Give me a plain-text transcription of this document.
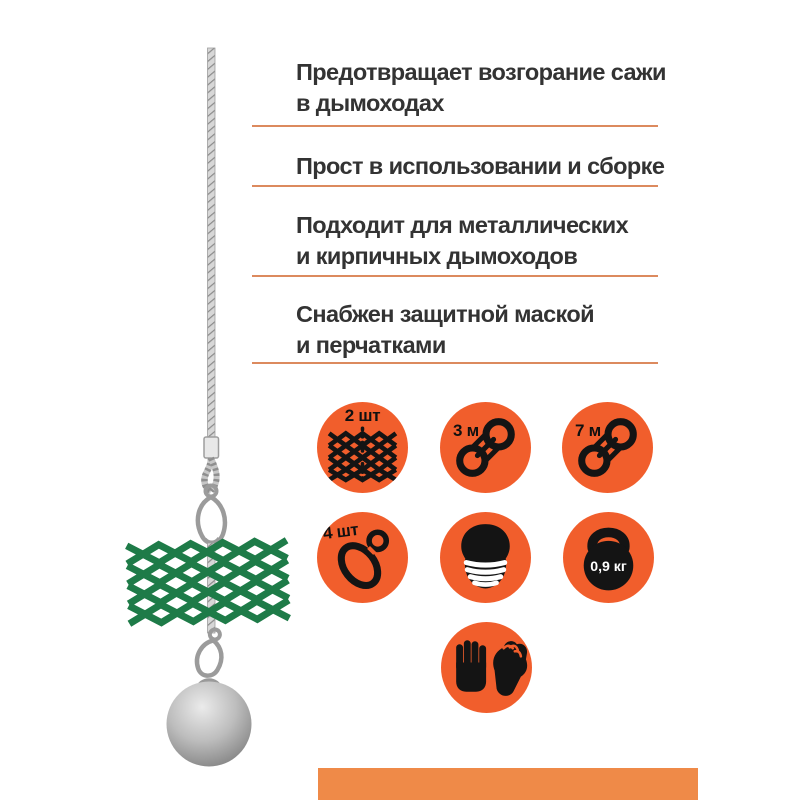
Предотвращает возгорание сажи
в дымоходах
Прост в использовании и сборке
Подходит для металлических
и кирпичных дымоходов
Снабжен защитной маской
и перчатками
2 шт
3 м	7 м
4 шт
0,9 кг
